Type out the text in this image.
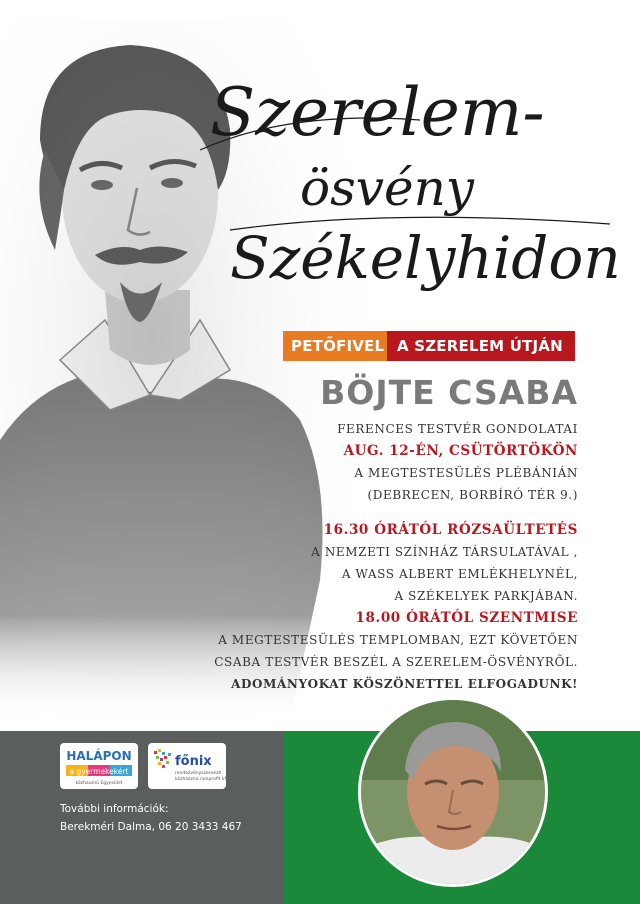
Szerelem-
ösvény
Székelyhidon
PETŐFIVEL A SZERELEM ÚTJÁN
BÖJTE CSABA
FERENCES TESTVÉR GONDOLATAI
AUG. 12-ÉN, CSÜTÖRTÖKÖN
A MEGTESTESÜLÉS PLÉBÁNIÁN
(DEBRECEN, BORBÍRÓ TÉR 9.)
16.30 ÓRÁTÓL RÓZSAÜLTETÉS
A NEMZETI SZÍNHÁZ TÁRSULATÁVAL ,
A WASS ALBERT EMLÉKHELYNÉL,
A SZÉKELYEK PARKJÁBAN.
18.00 ÓRÁTÓL SZENTMISE
A MEGTESTESÜLÉS TEMPLOMBAN, EZT KÖVETŐEN
CSABA TESTVÉR BESZÉL A SZERELEM-ÖSVÉNYRŐL.
ADOMÁNYOKAT KÖSZÖNETTEL ELFOGADUNK!
HALÁPON
a gyermekekért
közhasznú Egyesület
főnix
rendezvényszervező
közhasznú nonprofit kft
További információk:
Berekméri Dalma, 06 20 3433 467
